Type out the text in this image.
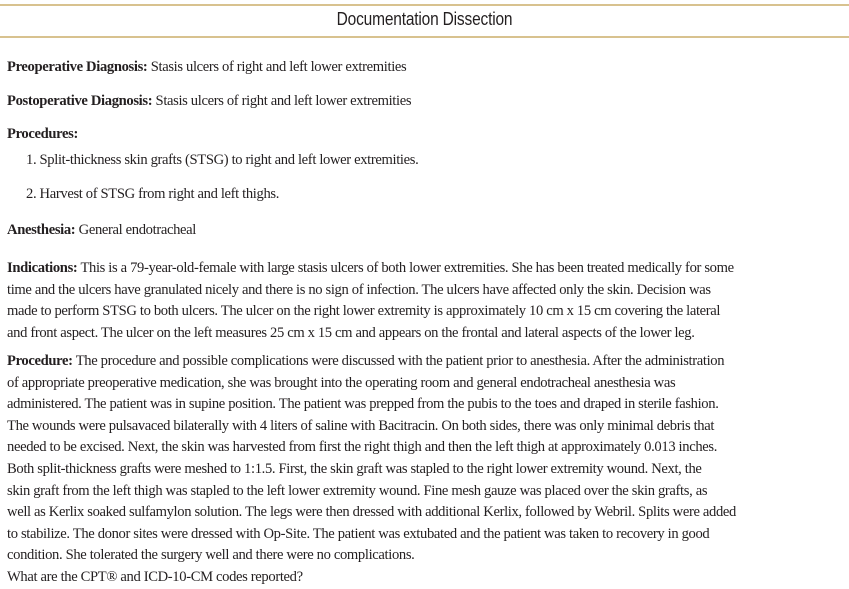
Documentation Dissection
Preoperative Diagnosis: Stasis ulcers of right and left lower extremities
Postoperative Diagnosis: Stasis ulcers of right and left lower extremities
Procedures:
1. Split-thickness skin grafts (STSG) to right and left lower extremities.
2. Harvest of STSG from right and left thighs.
Anesthesia: General endotracheal
Indications: This is a 79-year-old-female with large stasis ulcers of both lower extremities. She has been treated medically for some
time and the ulcers have granulated nicely and there is no sign of infection. The ulcers have affected only the skin. Decision was
made to perform STSG to both ulcers. The ulcer on the right lower extremity is approximately 10 cm x 15 cm covering the lateral
and front aspect. The ulcer on the left measures 25 cm x 15 cm and appears on the frontal and lateral aspects of the lower leg.
Procedure: The procedure and possible complications were discussed with the patient prior to anesthesia. After the administration
of appropriate preoperative medication, she was brought into the operating room and general endotracheal anesthesia was
administered. The patient was in supine position. The patient was prepped from the pubis to the toes and draped in sterile fashion.
The wounds were pulsavaced bilaterally with 4 liters of saline with Bacitracin. On both sides, there was only minimal debris that
needed to be excised. Next, the skin was harvested from first the right thigh and then the left thigh at approximately 0.013 inches.
Both split-thickness grafts were meshed to 1:1.5. First, the skin graft was stapled to the right lower extremity wound. Next, the
skin graft from the left thigh was stapled to the left lower extremity wound. Fine mesh gauze was placed over the skin grafts, as
well as Kerlix soaked sulfamylon solution. The legs were then dressed with additional Kerlix, followed by Webril. Splits were added
to stabilize. The donor sites were dressed with Op-Site. The patient was extubated and the patient was taken to recovery in good
condition. She tolerated the surgery well and there were no complications.
What are the CPT® and ICD-10-CM codes reported?
